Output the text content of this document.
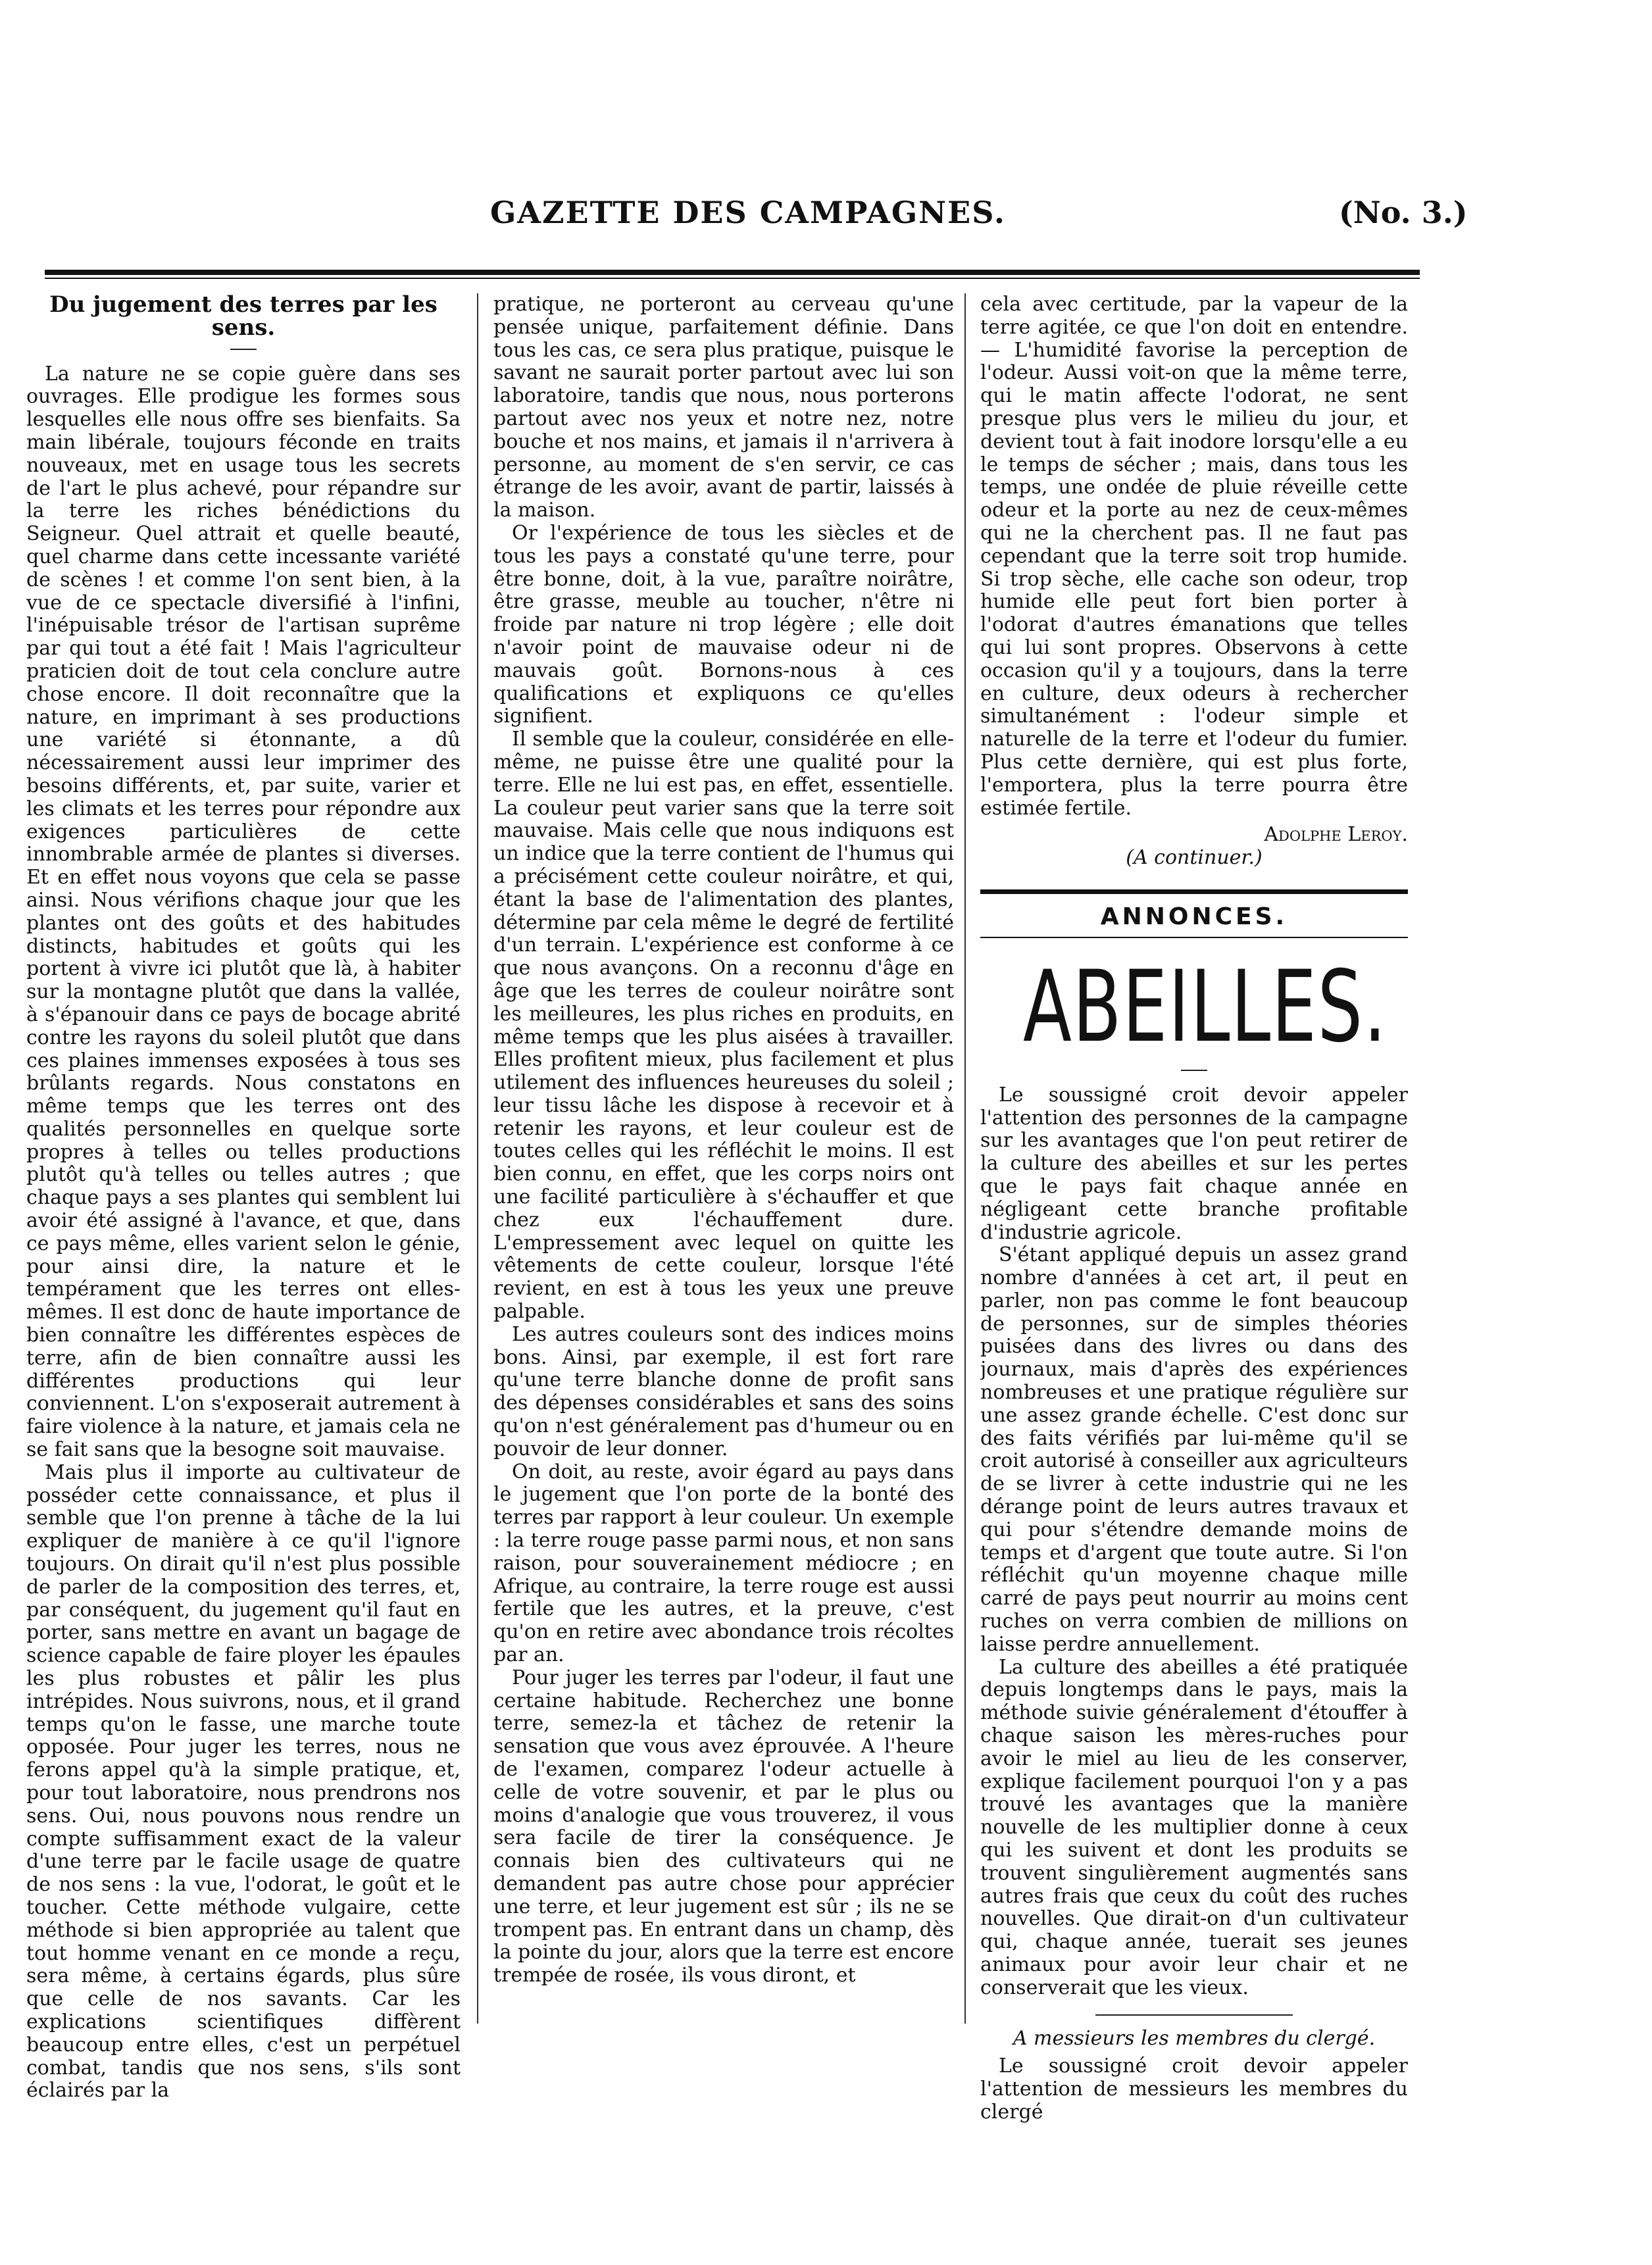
GAZETTE DES CAMPAGNES.	(No. 3.)
Du jugement des terres par les sens.

La nature ne se copie guère dans ses ouvrages. Elle prodigue les formes sous lesquelles elle nous offre ses bienfaits. Sa main libérale, toujours féconde en traits nouveaux, met en usage tous les secrets de l'art le plus achevé, pour répandre sur la terre les riches bénédictions du Seigneur. Quel attrait et quelle beauté, quel charme dans cette incessante variété de scènes ! et comme l'on sent bien, à la vue de ce spectacle diversifié à l'infini, l'inépuisable trésor de l'artisan suprême par qui tout a été fait ! Mais l'agriculteur praticien doit de tout cela conclure autre chose encore. Il doit reconnaître que la nature, en imprimant à ses productions une variété si étonnante, a dû nécessairement aussi leur imprimer des besoins différents, et, par suite, varier et les climats et les terres pour répondre aux exigences particulières de cette innombrable armée de plantes si diverses. Et en effet nous voyons que cela se passe ainsi. Nous vérifions chaque jour que les plantes ont des goûts et des habitudes distincts, habitudes et goûts qui les portent à vivre ici plutôt que là, à habiter sur la montagne plutôt que dans la vallée, à s'épanouir dans ce pays de bocage abrité contre les rayons du soleil plutôt que dans ces plaines immenses exposées à tous ses brûlants regards. Nous constatons en même temps que les terres ont des qualités personnelles en quelque sorte propres à telles ou telles productions plutôt qu'à telles ou telles autres ; que chaque pays a ses plantes qui semblent lui avoir été assigné à l'avance, et que, dans ce pays même, elles varient selon le génie, pour ainsi dire, la nature et le tempérament que les terres ont elles-mêmes. Il est donc de haute importance de bien connaître les différentes espèces de terre, afin de bien connaître aussi les différentes productions qui leur conviennent. L'on s'exposerait autrement à faire violence à la nature, et jamais cela ne se fait sans que la besogne soit mauvaise.

Mais plus il importe au cultivateur de posséder cette connaissance, et plus il semble que l'on prenne à tâche de la lui expliquer de manière à ce qu'il l'ignore toujours. On dirait qu'il n'est plus possible de parler de la composition des terres, et, par conséquent, du jugement qu'il faut en porter, sans mettre en avant un bagage de science capable de faire ployer les épaules les plus robustes et pâlir les plus intrépides. Nous suivrons, nous, et il grand temps qu'on le fasse, une marche toute opposée. Pour juger les terres, nous ne ferons appel qu'à la simple pratique, et, pour tout laboratoire, nous prendrons nos sens. Oui, nous pouvons nous rendre un compte suffisamment exact de la valeur d'une terre par le facile usage de quatre de nos sens : la vue, l'odorat, le goût et le toucher. Cette méthode vulgaire, cette méthode si bien appropriée au talent que tout homme venant en ce monde a reçu, sera même, à certains égards, plus sûre que celle de nos savants. Car les explications scientifiques diffèrent beaucoup entre elles, c'est un perpétuel combat, tandis que nos sens, s'ils sont éclairés par la

pratique, ne porteront au cerveau qu'une pensée unique, parfaitement définie. Dans tous les cas, ce sera plus pratique, puisque le savant ne saurait porter partout avec lui son laboratoire, tandis que nous, nous porterons partout avec nos yeux et notre nez, notre bouche et nos mains, et jamais il n'arrivera à personne, au moment de s'en servir, ce cas étrange de les avoir, avant de partir, laissés à la maison.

Or l'expérience de tous les siècles et de tous les pays a constaté qu'une terre, pour être bonne, doit, à la vue, paraître noirâtre, être grasse, meuble au toucher, n'être ni froide par nature ni trop légère ; elle doit n'avoir point de mauvaise odeur ni de mauvais goût. Bornons-nous à ces qualifications et expliquons ce qu'elles signifient.

Il semble que la couleur, considérée en elle-même, ne puisse être une qualité pour la terre. Elle ne lui est pas, en effet, essentielle. La couleur peut varier sans que la terre soit mauvaise. Mais celle que nous indiquons est un indice que la terre contient de l'humus qui a précisément cette couleur noirâtre, et qui, étant la base de l'alimentation des plantes, détermine par cela même le degré de fertilité d'un terrain. L'expérience est conforme à ce que nous avançons. On a reconnu d'âge en âge que les terres de couleur noirâtre sont les meilleures, les plus riches en produits, en même temps que les plus aisées à travailler. Elles profitent mieux, plus facilement et plus utilement des influences heureuses du soleil ; leur tissu lâche les dispose à recevoir et à retenir les rayons, et leur couleur est de toutes celles qui les réfléchit le moins. Il est bien connu, en effet, que les corps noirs ont une facilité particulière à s'échauffer et que chez eux l'échauffement dure. L'empressement avec lequel on quitte les vêtements de cette couleur, lorsque l'été revient, en est à tous les yeux une preuve palpable.

Les autres couleurs sont des indices moins bons. Ainsi, par exemple, il est fort rare qu'une terre blanche donne de profit sans des dépenses considérables et sans des soins qu'on n'est généralement pas d'humeur ou en pouvoir de leur donner.

On doit, au reste, avoir égard au pays dans le jugement que l'on porte de la bonté des terres par rapport à leur couleur. Un exemple : la terre rouge passe parmi nous, et non sans raison, pour souverainement médiocre ; en Afrique, au contraire, la terre rouge est aussi fertile que les autres, et la preuve, c'est qu'on en retire avec abondance trois récoltes par an.

Pour juger les terres par l'odeur, il faut une certaine habitude. Recherchez une bonne terre, semez-la et tâchez de retenir la sensation que vous avez éprouvée. A l'heure de l'examen, comparez l'odeur actuelle à celle de votre souvenir, et par le plus ou moins d'analogie que vous trouverez, il vous sera facile de tirer la conséquence. Je connais bien des cultivateurs qui ne demandent pas autre chose pour apprécier une terre, et leur jugement est sûr ; ils ne se trompent pas. En entrant dans un champ, dès la pointe du jour, alors que la terre est encore trempée de rosée, ils vous diront, et

cela avec certitude, par la vapeur de la terre agitée, ce que l'on doit en entendre. — L'humidité favorise la perception de l'odeur. Aussi voit-on que la même terre, qui le matin affecte l'odorat, ne sent presque plus vers le milieu du jour, et devient tout à fait inodore lorsqu'elle a eu le temps de sécher ; mais, dans tous les temps, une ondée de pluie réveille cette odeur et la porte au nez de ceux-mêmes qui ne la cherchent pas. Il ne faut pas cependant que la terre soit trop humide. Si trop sèche, elle cache son odeur, trop humide elle peut fort bien porter à l'odorat d'autres émanations que telles qui lui sont propres. Observons à cette occasion qu'il y a toujours, dans la terre en culture, deux odeurs à rechercher simultanément : l'odeur simple et naturelle de la terre et l'odeur du fumier. Plus cette dernière, qui est plus forte, l'emportera, plus la terre pourra être estimée fertile.

Adolphe Leroy.
(A continuer.)
ANNONCES.
ABEILLES.

Le soussigné croit devoir appeler l'attention des personnes de la campagne sur les avantages que l'on peut retirer de la culture des abeilles et sur les pertes que le pays fait chaque année en négligeant cette branche profitable d'industrie agricole.

S'étant appliqué depuis un assez grand nombre d'années à cet art, il peut en parler, non pas comme le font beaucoup de personnes, sur de simples théories puisées dans des livres ou dans des journaux, mais d'après des expériences nombreuses et une pratique régulière sur une assez grande échelle. C'est donc sur des faits vérifiés par lui-même qu'il se croit autorisé à conseiller aux agriculteurs de se livrer à cette industrie qui ne les dérange point de leurs autres travaux et qui pour s'étendre demande moins de temps et d'argent que toute autre. Si l'on réfléchit qu'un moyenne chaque mille carré de pays peut nourrir au moins cent ruches on verra combien de millions on laisse perdre annuellement.

La culture des abeilles a été pratiquée depuis longtemps dans le pays, mais la méthode suivie généralement d'étouffer à chaque saison les mères-ruches pour avoir le miel au lieu de les conserver, explique facilement pourquoi l'on y a pas trouvé les avantages que la manière nouvelle de les multiplier donne à ceux qui les suivent et dont les produits se trouvent singulièrement augmentés sans autres frais que ceux du coût des ruches nouvelles. Que dirait-on d'un cultivateur qui, chaque année, tuerait ses jeunes animaux pour avoir leur chair et ne conserverait que les vieux.

A messieurs les membres du clergé.

Le soussigné croit devoir appeler l'attention de messieurs les membres du clergé
